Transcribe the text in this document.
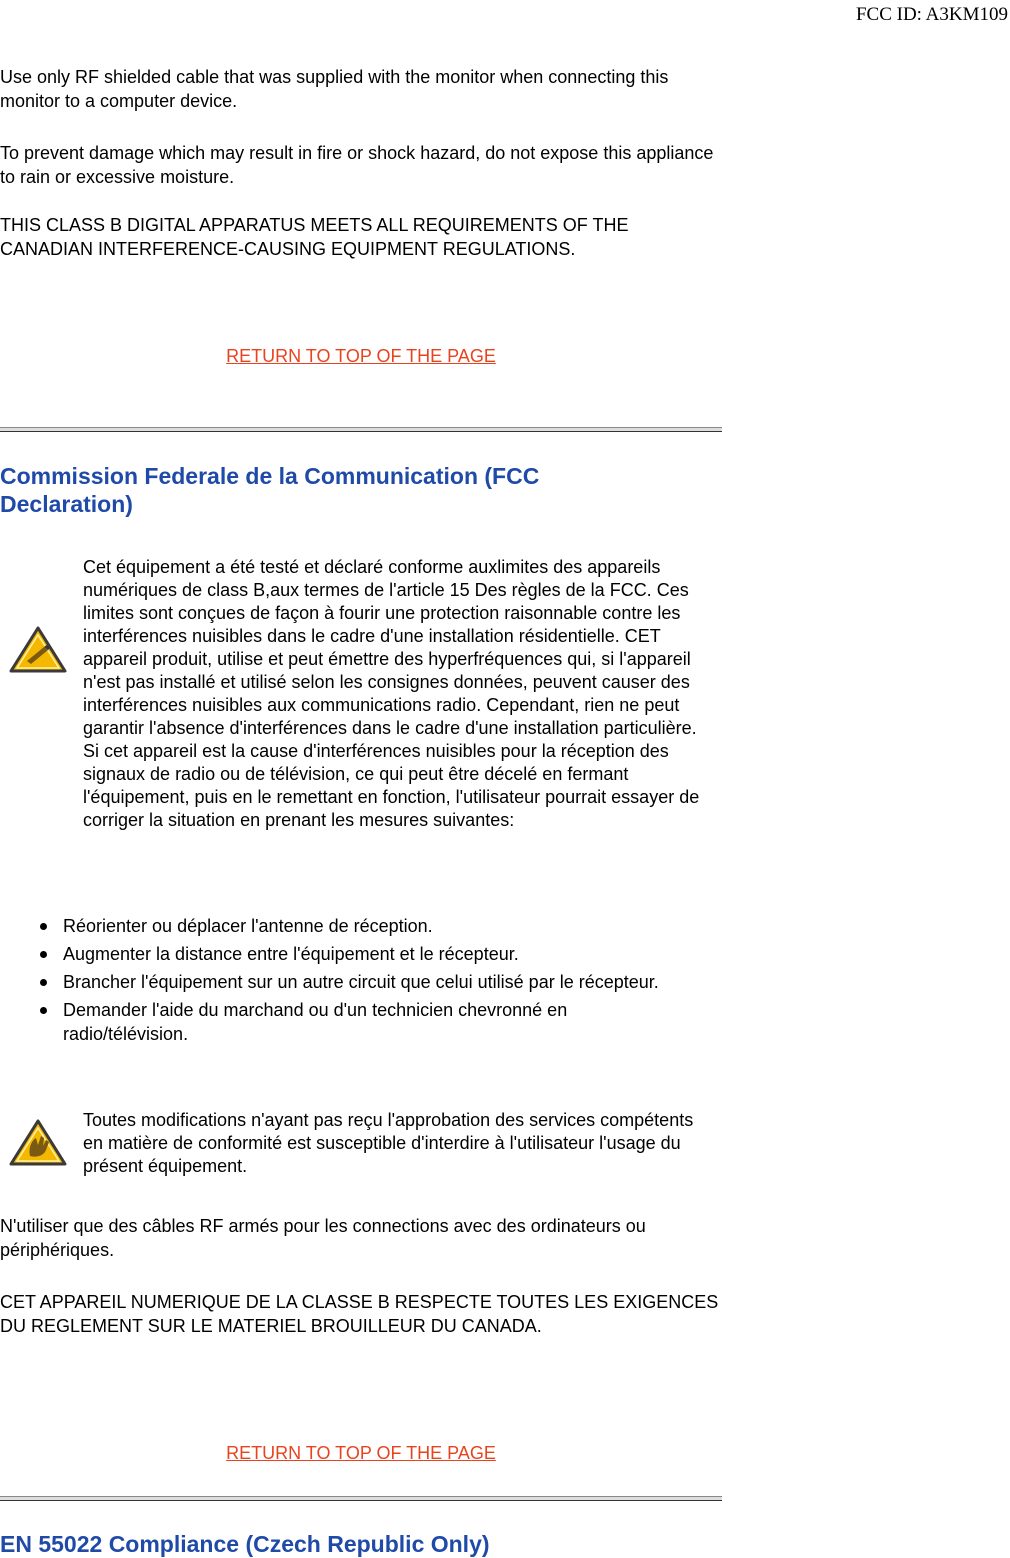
FCC ID: A3KM109

Use only RF shielded cable that was supplied with the monitor when connecting this monitor to a computer device.

To prevent damage which may result in fire or shock hazard, do not expose this appliance to rain or excessive moisture.

THIS CLASS B DIGITAL APPARATUS MEETS ALL REQUIREMENTS OF THE CANADIAN INTERFERENCE-CAUSING EQUIPMENT REGULATIONS.

RETURN TO TOP OF THE PAGE
Commission Federale de la Communication (FCC Declaration)

Cet équipement a été testé et déclaré conforme auxlimites des appareils numériques de class B,aux termes de l'article 15 Des règles de la FCC. Ces limites sont conçues de façon à fourir une protection raisonnable contre les interférences nuisibles dans le cadre d'une installation résidentielle. CET appareil produit, utilise et peut émettre des hyperfréquences qui, si l'appareil n'est pas installé et utilisé selon les consignes données, peuvent causer des interférences nuisibles aux communications radio. Cependant, rien ne peut garantir l'absence d'interférences dans le cadre d'une installation particulière. Si cet appareil est la cause d'interférences nuisibles pour la réception des signaux de radio ou de télévision, ce qui peut être décelé en fermant l'équipement, puis en le remettant en fonction, l'utilisateur pourrait essayer de corriger la situation en prenant les mesures suivantes:

Réorienter ou déplacer l'antenne de réception.
Augmenter la distance entre l'équipement et le récepteur.
Brancher l'équipement sur un autre circuit que celui utilisé par le récepteur.
Demander l'aide du marchand ou d'un technicien chevronné en radio/télévision.

Toutes modifications n'ayant pas reçu l'approbation des services compétents en matière de conformité est susceptible d'interdire à l'utilisateur l'usage du présent équipement.

N'utiliser que des câbles RF armés pour les connections avec des ordinateurs ou périphériques.

CET APPAREIL NUMERIQUE DE LA CLASSE B RESPECTE TOUTES LES EXIGENCES DU REGLEMENT SUR LE MATERIEL BROUILLEUR DU CANADA.

RETURN TO TOP OF THE PAGE
EN 55022 Compliance (Czech Republic Only)
